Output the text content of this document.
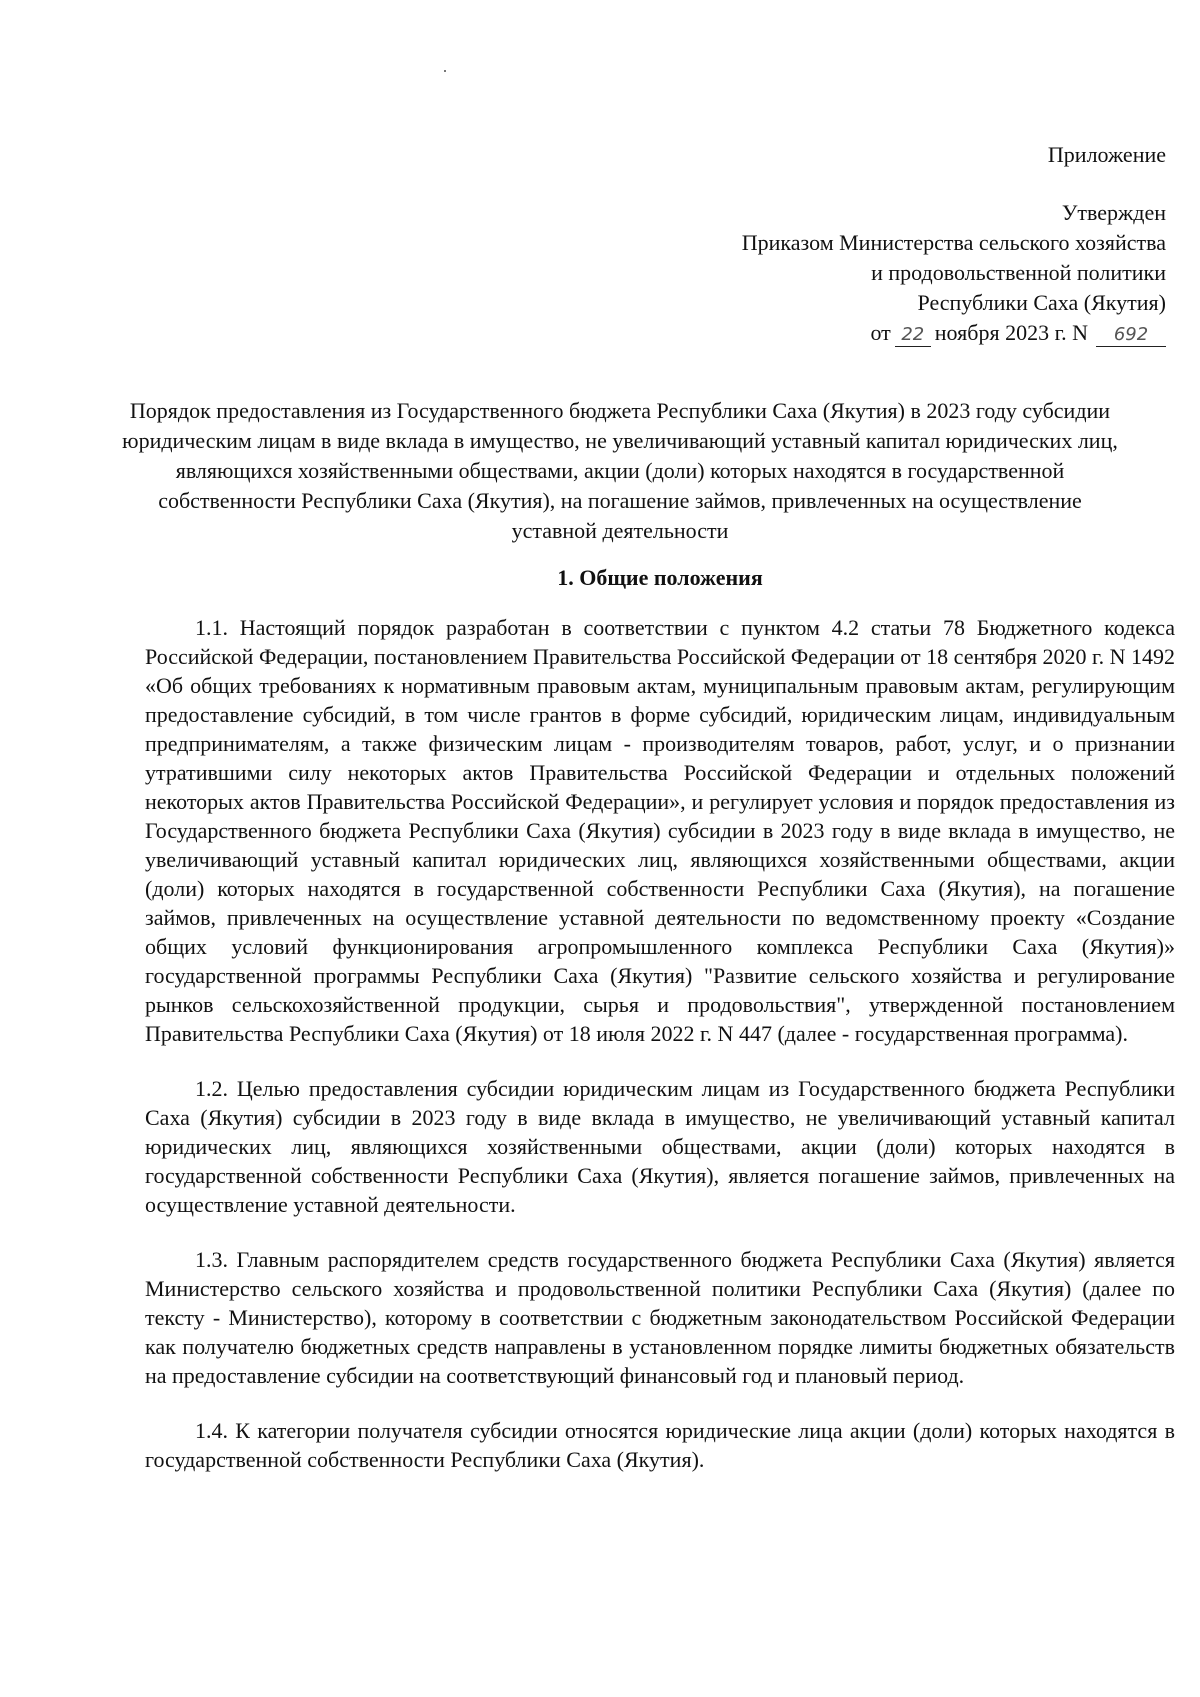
Приложение
Утвержден
Приказом Министерства сельского хозяйства
и продовольственной политики
Республики Саха (Якутия)
от 22 ноября 2023 г. N 692
Порядок предоставления из Государственного бюджета Республики Саха (Якутия) в 2023 году субсидии юридическим лицам в виде вклада в имущество, не увеличивающий уставный капитал юридических лиц, являющихся хозяйственными обществами, акции (доли) которых находятся в государственной собственности Республики Саха (Якутия), на погашение займов, привлеченных на осуществление уставной деятельности
1. Общие положения

1.1. Настоящий порядок разработан в соответствии с пунктом 4.2 статьи 78 Бюджетного кодекса Российской Федерации, постановлением Правительства Российской Федерации от 18 сентября 2020 г. N 1492 «Об общих требованиях к нормативным правовым актам, муниципальным правовым актам, регулирующим предоставление субсидий, в том числе грантов в форме субсидий, юридическим лицам, индивидуальным предпринимателям, а также физическим лицам - производителям товаров, работ, услуг, и о признании утратившими силу некоторых актов Правительства Российской Федерации и отдельных положений некоторых актов Правительства Российской Федерации», и регулирует условия и порядок предоставления из Государственного бюджета Республики Саха (Якутия) субсидии в 2023 году в виде вклада в имущество, не увеличивающий уставный капитал юридических лиц, являющихся хозяйственными обществами, акции (доли) которых находятся в государственной собственности Республики Саха (Якутия), на погашение займов, привлеченных на осуществление уставной деятельности по ведомственному проекту «Создание общих условий функционирования агропромышленного комплекса Республики Саха (Якутия)» государственной программы Республики Саха (Якутия) "Развитие сельского хозяйства и регулирование рынков сельскохозяйственной продукции, сырья и продовольствия", утвержденной постановлением Правительства Республики Саха (Якутия) от 18 июля 2022 г. N 447 (далее - государственная программа).

1.2. Целью предоставления субсидии юридическим лицам из Государственного бюджета Республики Саха (Якутия) субсидии в 2023 году в виде вклада в имущество, не увеличивающий уставный капитал юридических лиц, являющихся хозяйственными обществами, акции (доли) которых находятся в государственной собственности Республики Саха (Якутия), является погашение займов, привлеченных на осуществление уставной деятельности.

1.3. Главным распорядителем средств государственного бюджета Республики Саха (Якутия) является Министерство сельского хозяйства и продовольственной политики Республики Саха (Якутия) (далее по тексту - Министерство), которому в соответствии с бюджетным законодательством Российской Федерации как получателю бюджетных средств направлены в установленном порядке лимиты бюджетных обязательств на предоставление субсидии на соответствующий финансовый год и плановый период.

1.4. К категории получателя субсидии относятся юридические лица акции (доли) которых находятся в государственной собственности Республики Саха (Якутия).
